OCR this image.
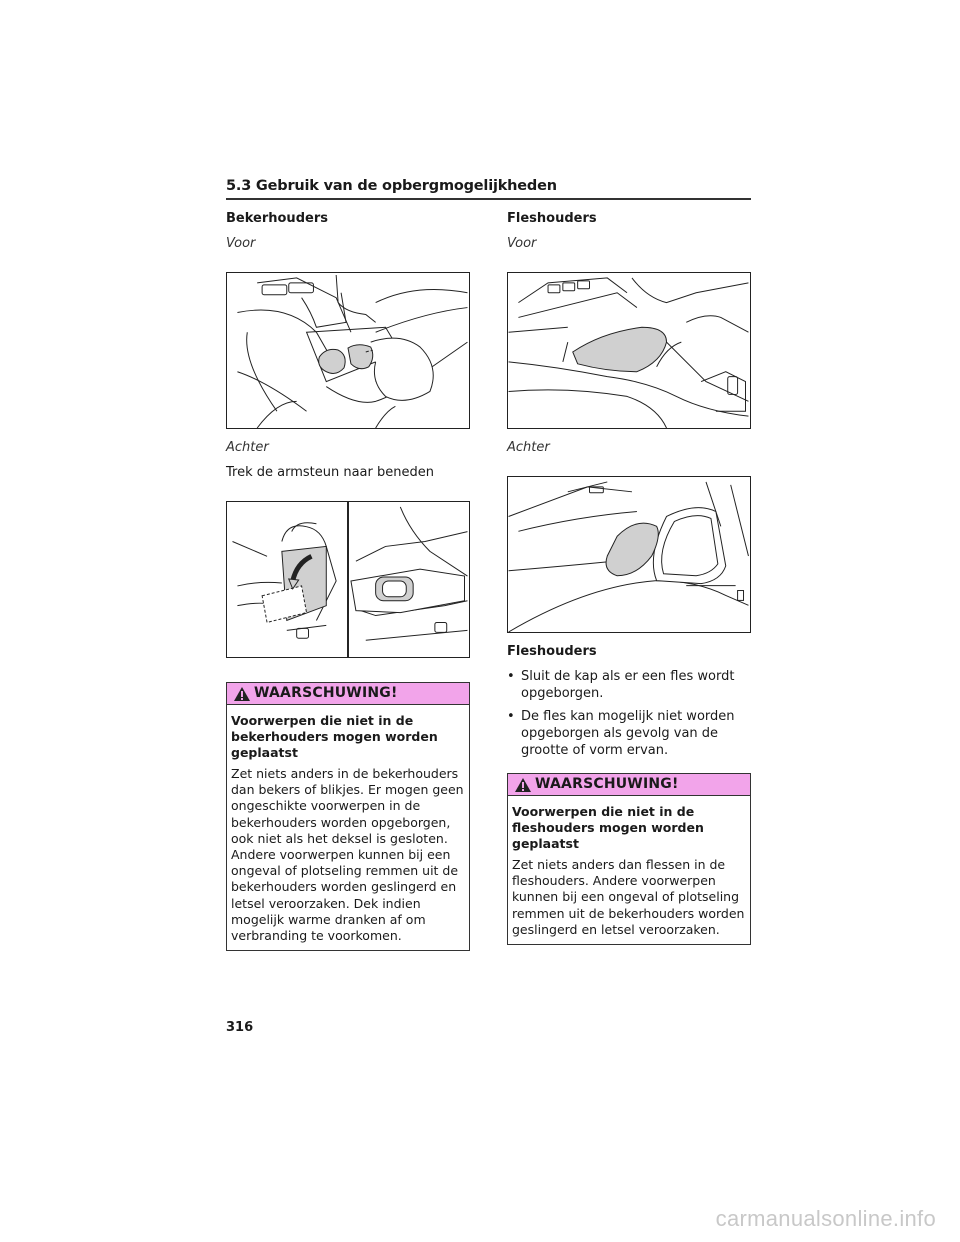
5.3 Gebruik van de opbergmogelijkheden
Bekerhouders
Voor
Achter
Trek de armsteun naar beneden
WAARSCHUWING!
Voorwerpen die niet in de bekerhouders mogen worden geplaatst
Zet niets anders in de bekerhouders dan bekers of blikjes. Er mogen geen ongeschikte voorwerpen in de bekerhouders worden opgeborgen, ook niet als het deksel is gesloten. Andere voorwerpen kunnen bij een ongeval of plotseling remmen uit de bekerhouders worden geslingerd en letsel veroorzaken. Dek indien mogelijk warme dranken af om verbranding te voorkomen.
Fleshouders
Voor
Achter
Fleshouders
• Sluit de kap als er een fles wordt opgeborgen.
• De fles kan mogelijk niet worden opgeborgen als gevolg van de grootte of vorm ervan.
WAARSCHUWING!
Voorwerpen die niet in de fleshouders mogen worden geplaatst
Zet niets anders dan flessen in de fleshouders. Andere voorwerpen kunnen bij een ongeval of plotseling remmen uit de bekerhouders worden geslingerd en letsel veroorzaken.
316
carmanualsonline.info
